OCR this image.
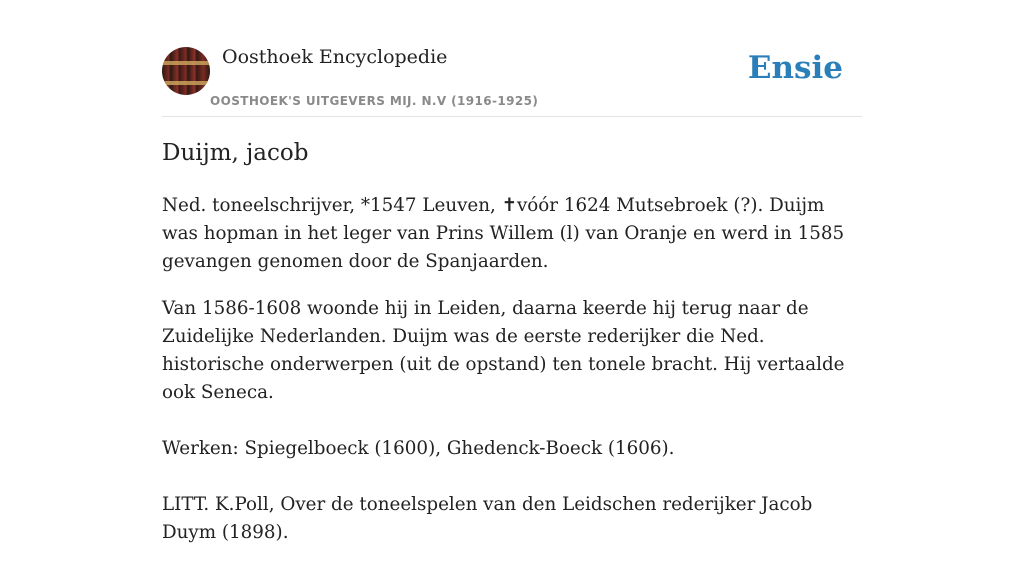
Oosthoek Encyclopedie
OOSTHOEK'S UITGEVERS MIJ. N.V (1916-1925)
Ensie
Duijm, jacob

Ned. toneelschrijver, *1547 Leuven, ✝vóór 1624 Mutsebroek (?). Duijm was hopman in het leger van Prins Willem (l) van Oranje en werd in 1585 gevangen genomen door de Spanjaarden.

Van 1586-1608 woonde hij in Leiden, daarna keerde hij terug naar de Zuidelijke Nederlanden. Duijm was de eerste rederijker die Ned. historische onderwerpen (uit de opstand) ten tonele bracht. Hij vertaalde ook Seneca.

Werken: Spiegelboeck (1600), Ghedenck-Boeck (1606).

LITT. K.Poll, Over de toneelspelen van den Leidschen rederijker Jacob Duym (1898).
